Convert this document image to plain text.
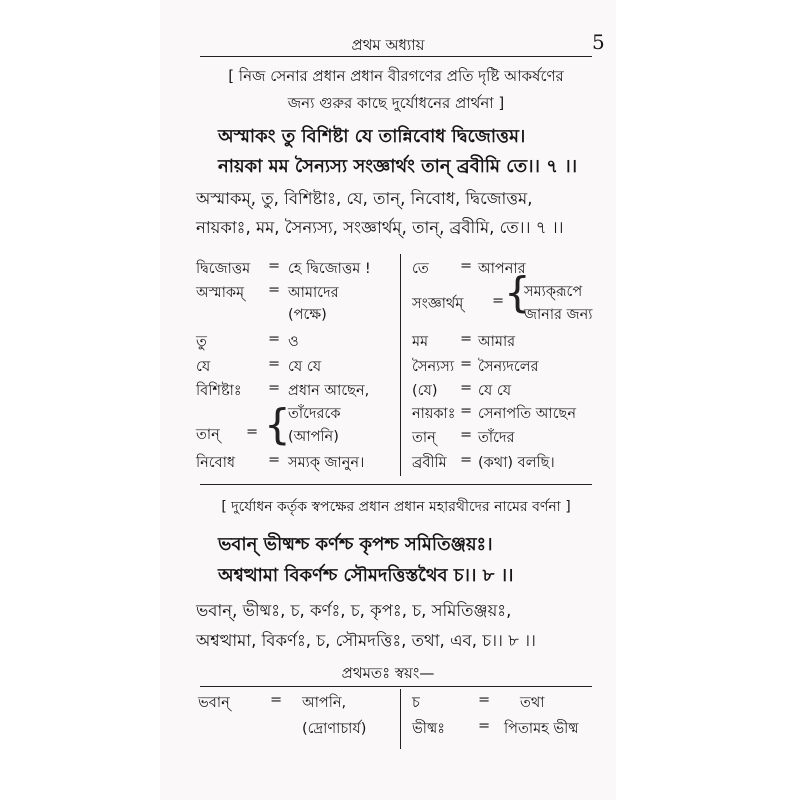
প্রথম অধ্যায়	5
[ নিজ সেনার প্রধান প্রধান বীরগণের প্রতি দৃষ্টি আকর্ষণের
জন্য গুরুর কাছে দুর্যোধনের প্রার্থনা ]
অস্মাকং তু বিশিষ্টা যে তান্নিবোধ দ্বিজোত্তম।
নায়কা মম সৈন্যস্য সংজ্ঞার্থং তান্ ব্রবীমি তে।। ৭ ।।
অস্মাকম্, তু, বিশিষ্টাঃ, যে, তান্, নিবোধ, দ্বিজোত্তম,
নায়কাঃ, মম, সৈন্যস্য, সংজ্ঞার্থম্, তান্, ব্রবীমি, তে।। ৭ ।।
দ্বিজোত্তম = হে দ্বিজোত্তম !
অস্মাকম্ = আমাদের
(পক্ষে)
তু	= ও
যে	= যে যে
বিশিষ্টাঃ = প্রধান আছেন,
তান্ = {
তাঁদেরকে
(আপনি)
নিবোধ = সম্যক্ জানুন।
তে = আপনার
সংজ্ঞার্থম্ = {
সম্যক্‌রূপে
জানার জন্য
মম = আমার
সৈন্যস্য = সৈন্যদলের
(যে) = যে যে
নায়কাঃ = সেনাপতি আছেন
তান্ = তাঁদের
ব্রবীমি = (কথা) বলছি।
[ দুর্যোধন কর্তৃক স্বপক্ষের প্রধান প্রধান মহারথীদের নামের বর্ণনা ]
ভবান্ ভীষ্মশ্চ কর্ণশ্চ কৃপশ্চ সমিতিঞ্জয়ঃ।
অশ্বত্থামা বিকর্ণশ্চ সৌমদত্তিস্তথৈব চ।। ৮ ।।
ভবান্, ভীষ্মঃ, চ, কর্ণঃ, চ, কৃপঃ, চ, সমিতিঞ্জয়ঃ,
অশ্বত্থামা, বিকর্ণঃ, চ, সৌমদত্তিঃ, তথা, এব, চ।। ৮ ।।
প্রথমতঃ স্বয়ং—
ভবান্	= আপনি,
(দ্রোণাচার্য)
চ	= তথা
ভীষ্মঃ = পিতামহ ভীষ্ম
